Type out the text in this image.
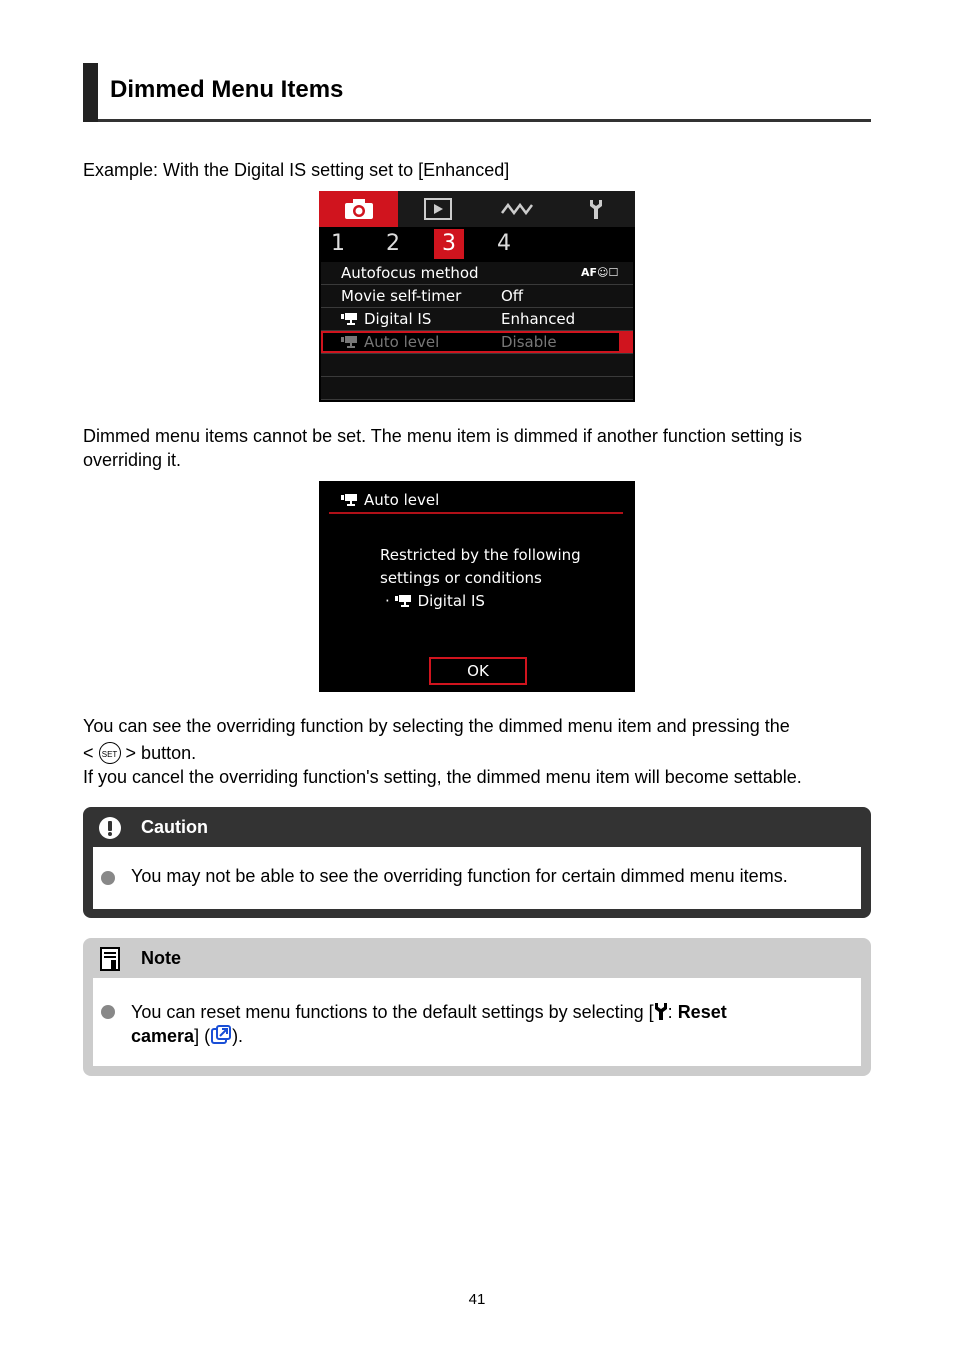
Dimmed Menu Items
Example: With the Digital IS setting set to [Enhanced]
1	2	3	4
Autofocus method	AF☺☐
Movie self-timer	Off
Digital IS	Enhanced
Auto level	Disable
Dimmed menu items cannot be set. The menu item is dimmed if another function setting is overriding it.
Auto level
Restricted by the following
settings or conditions
· Digital IS
OK
You can see the overriding function by selecting the dimmed menu item and pressing the
< SET > button.
If you cancel the overriding function's setting, the dimmed menu item will become settable.
Caution
You may not be able to see the overriding function for certain dimmed menu items.
Note
You can reset menu functions to the default settings by selecting [ : Reset
camera] ( ).
41
